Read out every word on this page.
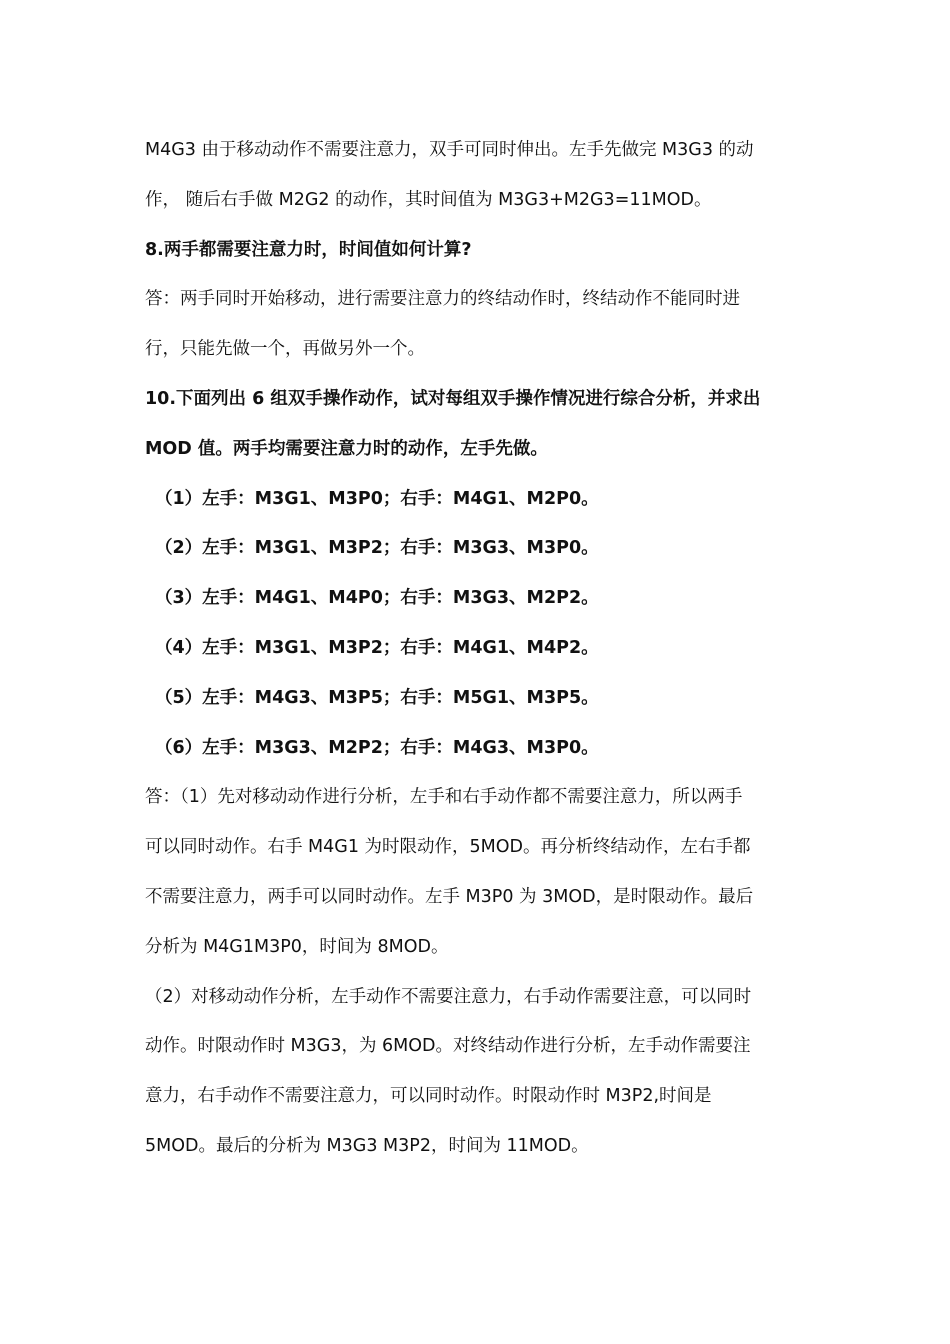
M4G3 由于移动动作不需要注意力，双手可同时伸出。左手先做完 M3G3 的动
作， 随后右手做 M2G2 的动作，其时间值为 M3G3+M2G3=11MOD。
8.两手都需要注意力时，时间值如何计算?
答：两手同时开始移动，进行需要注意力的终结动作时，终结动作不能同时进
行，只能先做一个，再做另外一个。
10.下面列出 6 组双手操作动作，试对每组双手操作情况进行综合分析，并求出
MOD 值。两手均需要注意力时的动作，左手先做。
（1）左手：M3G1、M3P0；右手：M4G1、M2P0。
（2）左手：M3G1、M3P2；右手：M3G3、M3P0。
（3）左手：M4G1、M4P0；右手：M3G3、M2P2。
（4）左手：M3G1、M3P2；右手：M4G1、M4P2。
（5）左手：M4G3、M3P5；右手：M5G1、M3P5。
（6）左手：M3G3、M2P2；右手：M4G3、M3P0。
答：（1）先对移动动作进行分析，左手和右手动作都不需要注意力，所以两手
可以同时动作。右手 M4G1 为时限动作，5MOD。再分析终结动作，左右手都
不需要注意力，两手可以同时动作。左手 M3P0 为 3MOD，是时限动作。最后
分析为 M4G1M3P0，时间为 8MOD。
（2）对移动动作分析，左手动作不需要注意力，右手动作需要注意，可以同时
动作。时限动作时 M3G3，为 6MOD。对终结动作进行分析，左手动作需要注
意力，右手动作不需要注意力，可以同时动作。时限动作时 M3P2,时间是
5MOD。最后的分析为 M3G3 M3P2，时间为 11MOD。
